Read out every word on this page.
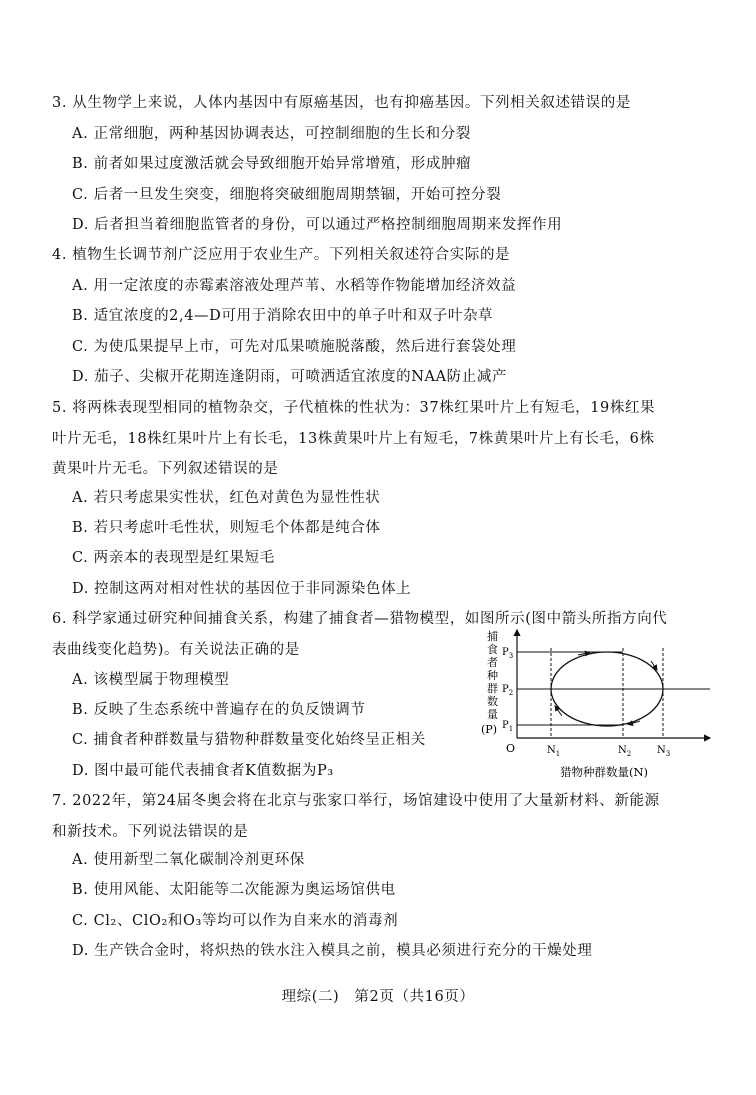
3. 从生物学上来说，人体内基因中有原癌基因，也有抑癌基因。下列相关叙述错误的是
A. 正常细胞，两种基因协调表达，可控制细胞的生长和分裂
B. 前者如果过度激活就会导致细胞开始异常增殖，形成肿瘤
C. 后者一旦发生突变，细胞将突破细胞周期禁锢，开始可控分裂
D. 后者担当着细胞监管者的身份，可以通过严格控制细胞周期来发挥作用
4. 植物生长调节剂广泛应用于农业生产。下列相关叙述符合实际的是
A. 用一定浓度的赤霉素溶液处理芦苇、水稻等作物能增加经济效益
B. 适宜浓度的2,4—D可用于消除农田中的单子叶和双子叶杂草
C. 为使瓜果提早上市，可先对瓜果喷施脱落酸，然后进行套袋处理
D. 茄子、尖椒开花期连逢阴雨，可喷洒适宜浓度的NAA防止减产
5. 将两株表现型相同的植物杂交，子代植株的性状为：37株红果叶片上有短毛，19株红果叶片无毛，18株红果叶片上有长毛，13株黄果叶片上有短毛，7株黄果叶片上有长毛，6株黄果叶片无毛。下列叙述错误的是
A. 若只考虑果实性状，红色对黄色为显性性状
B. 若只考虑叶毛性状，则短毛个体都是纯合体
C. 两亲本的表现型是红果短毛
D. 控制这两对相对性状的基因位于非同源染色体上
6. 科学家通过研究种间捕食关系，构建了捕食者—猎物模型，如图所示(图中箭头所指方向代
表曲线变化趋势)。有关说法正确的是
A. 该模型属于物理模型
B. 反映了生态系统中普遍存在的负反馈调节
C. 捕食者种群数量与猎物种群数量变化始终呈正相关
D. 图中最可能代表捕食者K值数据为P₃
捕
食
者
种
群
数
量
(P)
O
$P_3$
$P_2$
$P_1$
$N_1$	$N_2$	$N_3$
猎物种群数量(N)
7. 2022年，第24届冬奥会将在北京与张家口举行，场馆建设中使用了大量新材料、新能源和新技术。下列说法错误的是
A. 使用新型二氧化碳制冷剂更环保
B. 使用风能、太阳能等二次能源为奥运场馆供电
C. Cl₂、ClO₂和O₃等均可以作为自来水的消毒剂
D. 生产铁合金时，将炽热的铁水注入模具之前，模具必须进行充分的干燥处理
理综(二)　第2页（共16页）
